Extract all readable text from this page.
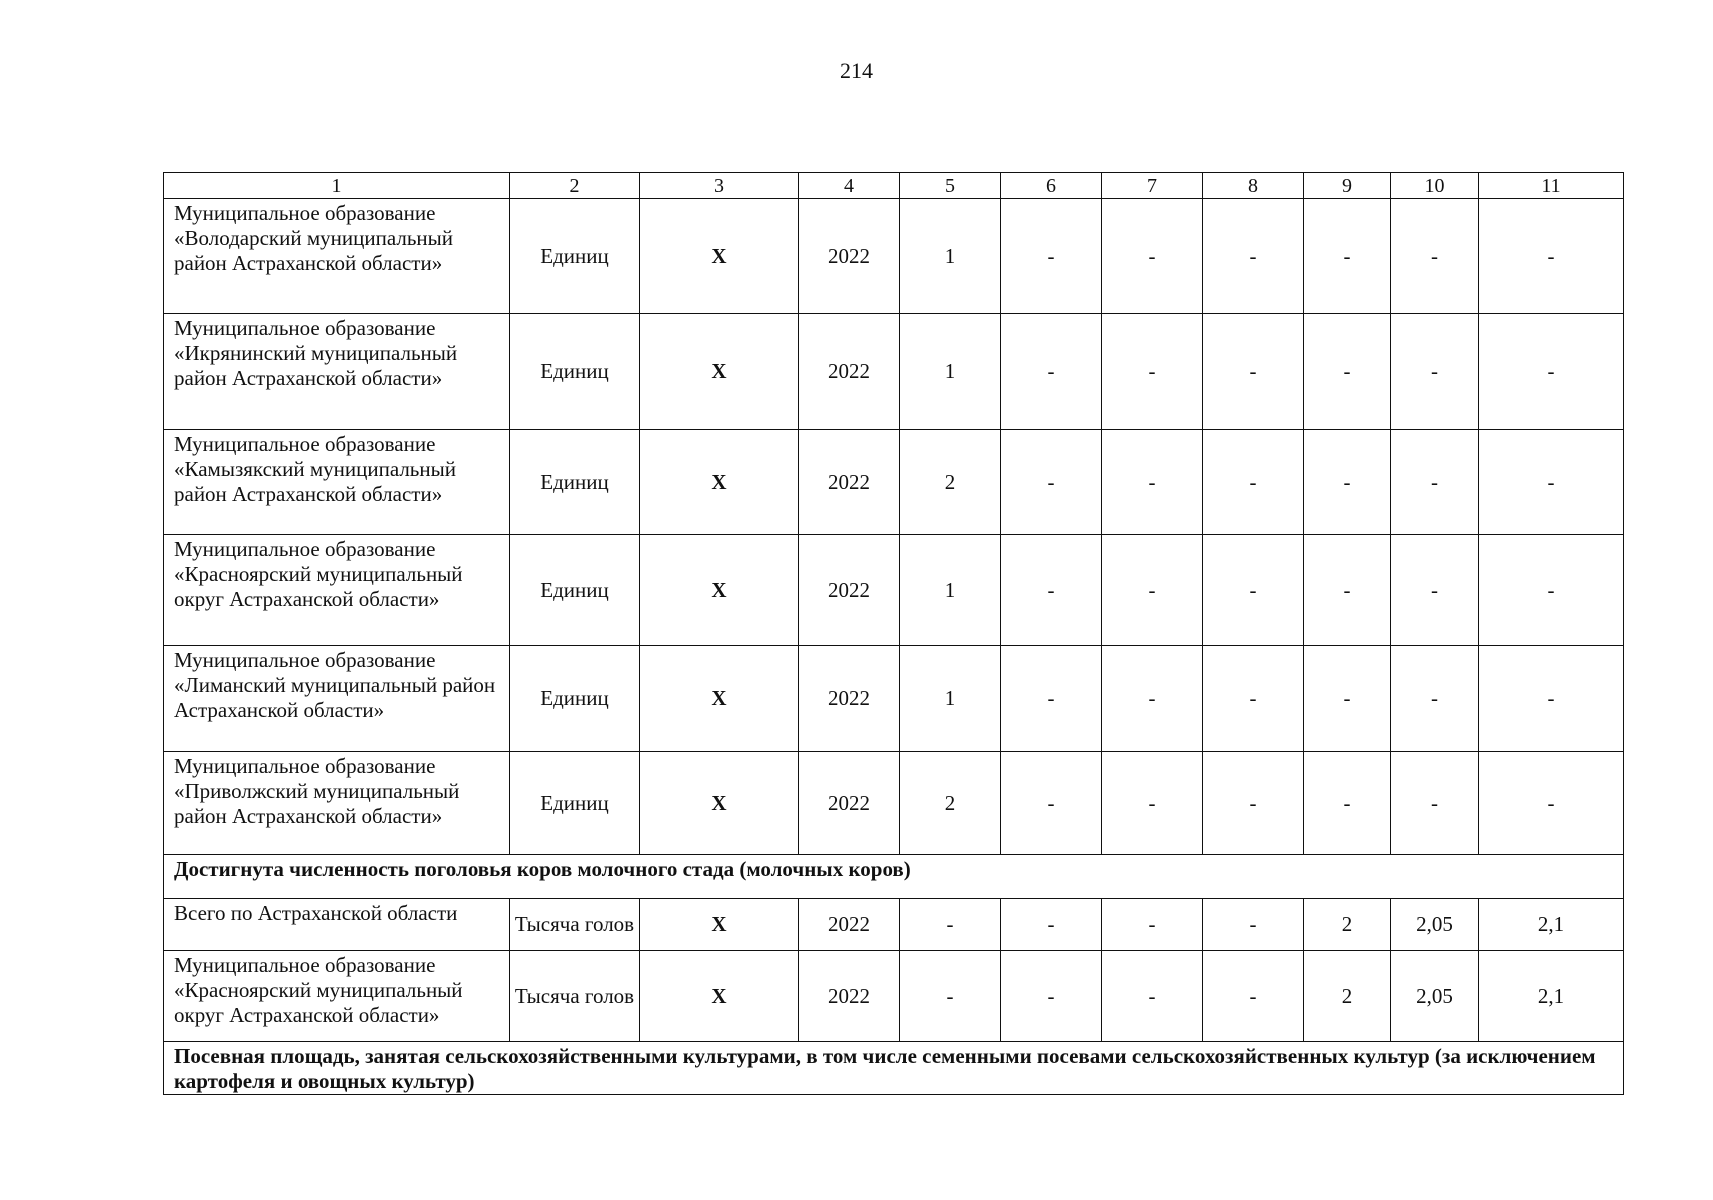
214
1	2	3	4	5	6	7	8	9	10	11
Муниципальное образование «Володарский муниципальный район Астраханской области»	Единиц	Х	2022	1	-	-	-	-	-	-
Муниципальное образование «Икрянинский муниципальный район Астраханской области»	Единиц	Х	2022	1	-	-	-	-	-	-
Муниципальное образование «Камызякский муниципальный район Астраханской области»	Единиц	Х	2022	2	-	-	-	-	-	-
Муниципальное образование «Красноярский муниципальный округ Астраханской области»	Единиц	Х	2022	1	-	-	-	-	-	-
Муниципальное образование «Лиманский муниципальный район Астраханской области»	Единиц	Х	2022	1	-	-	-	-	-	-
Муниципальное образование «Приволжский муниципальный район Астраханской области»	Единиц	Х	2022	2	-	-	-	-	-	-
Достигнута численность поголовья коров молочного стада (молочных коров)										
Всего по Астраханской области	Тысяча голов	Х	2022	-	-	-	-	2	2,05	2,1
Муниципальное образование «Красноярский муниципальный округ Астраханской области»	Тысяча голов	Х	2022	-	-	-	-	2	2,05	2,1
Посевная площадь, занятая сельскохозяйственными культурами, в том числе семенными посевами сельскохозяйственных культур (за исключением картофеля и овощных культур)										
